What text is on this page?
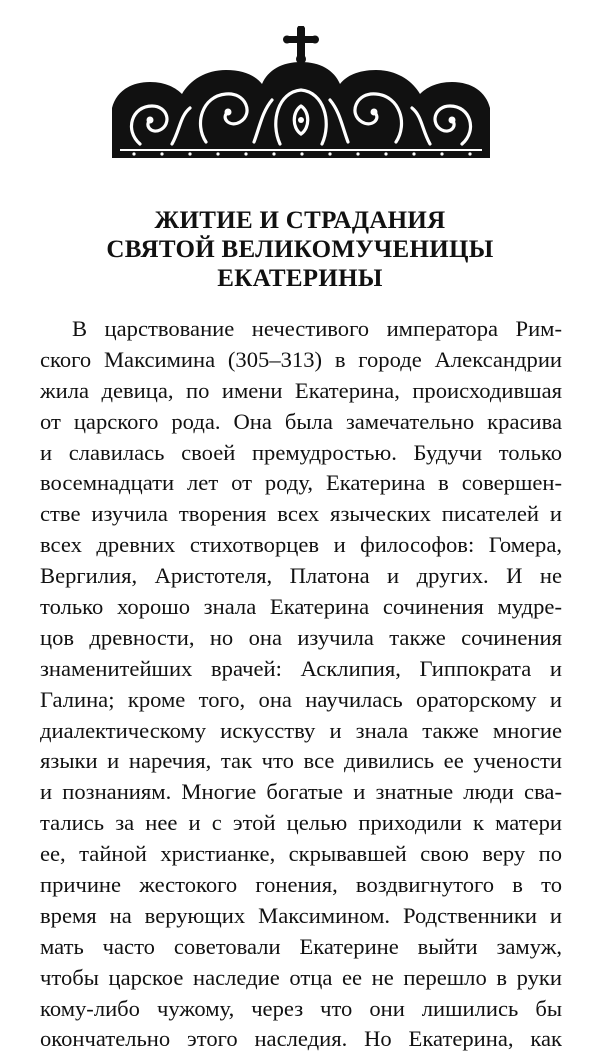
ЖИТИЕ И СТРАДАНИЯ
СВЯТОЙ ВЕЛИКОМУЧЕНИЦЫ
ЕКАТЕРИНЫ
В царствование нечестивого императора Рим-
ского Максимина (305–313) в городе Александрии
жила девица, по имени Екатерина, происходившая
от царского рода. Она была замечательно красива
и славилась своей премудростью. Будучи только
восемнадцати лет от роду, Екатерина в совершен-
стве изучила творения всех языческих писателей и
всех древних стихотворцев и философов: Гомера,
Вергилия, Аристотеля, Платона и других. И не
только хорошо знала Екатерина сочинения мудре-
цов древности, но она изучила также сочинения
знаменитейших врачей: Асклипия, Гиппократа и
Галина; кроме того, она научилась ораторскому и
диалектическому искусству и знала также многие
языки и наречия, так что все дивились ее учености
и познаниям. Многие богатые и знатные люди сва-
тались за нее и с этой целью приходили к матери
ее, тайной христианке, скрывавшей свою веру по
причине жестокого гонения, воздвигнутого в то
время на верующих Максимином. Родственники и
мать часто советовали Екатерине выйти замуж,
чтобы царское наследие отца ее не перешло в руки
кому-либо чужому, через что они лишились бы
окончательно этого наследия. Но Екатерина, как
